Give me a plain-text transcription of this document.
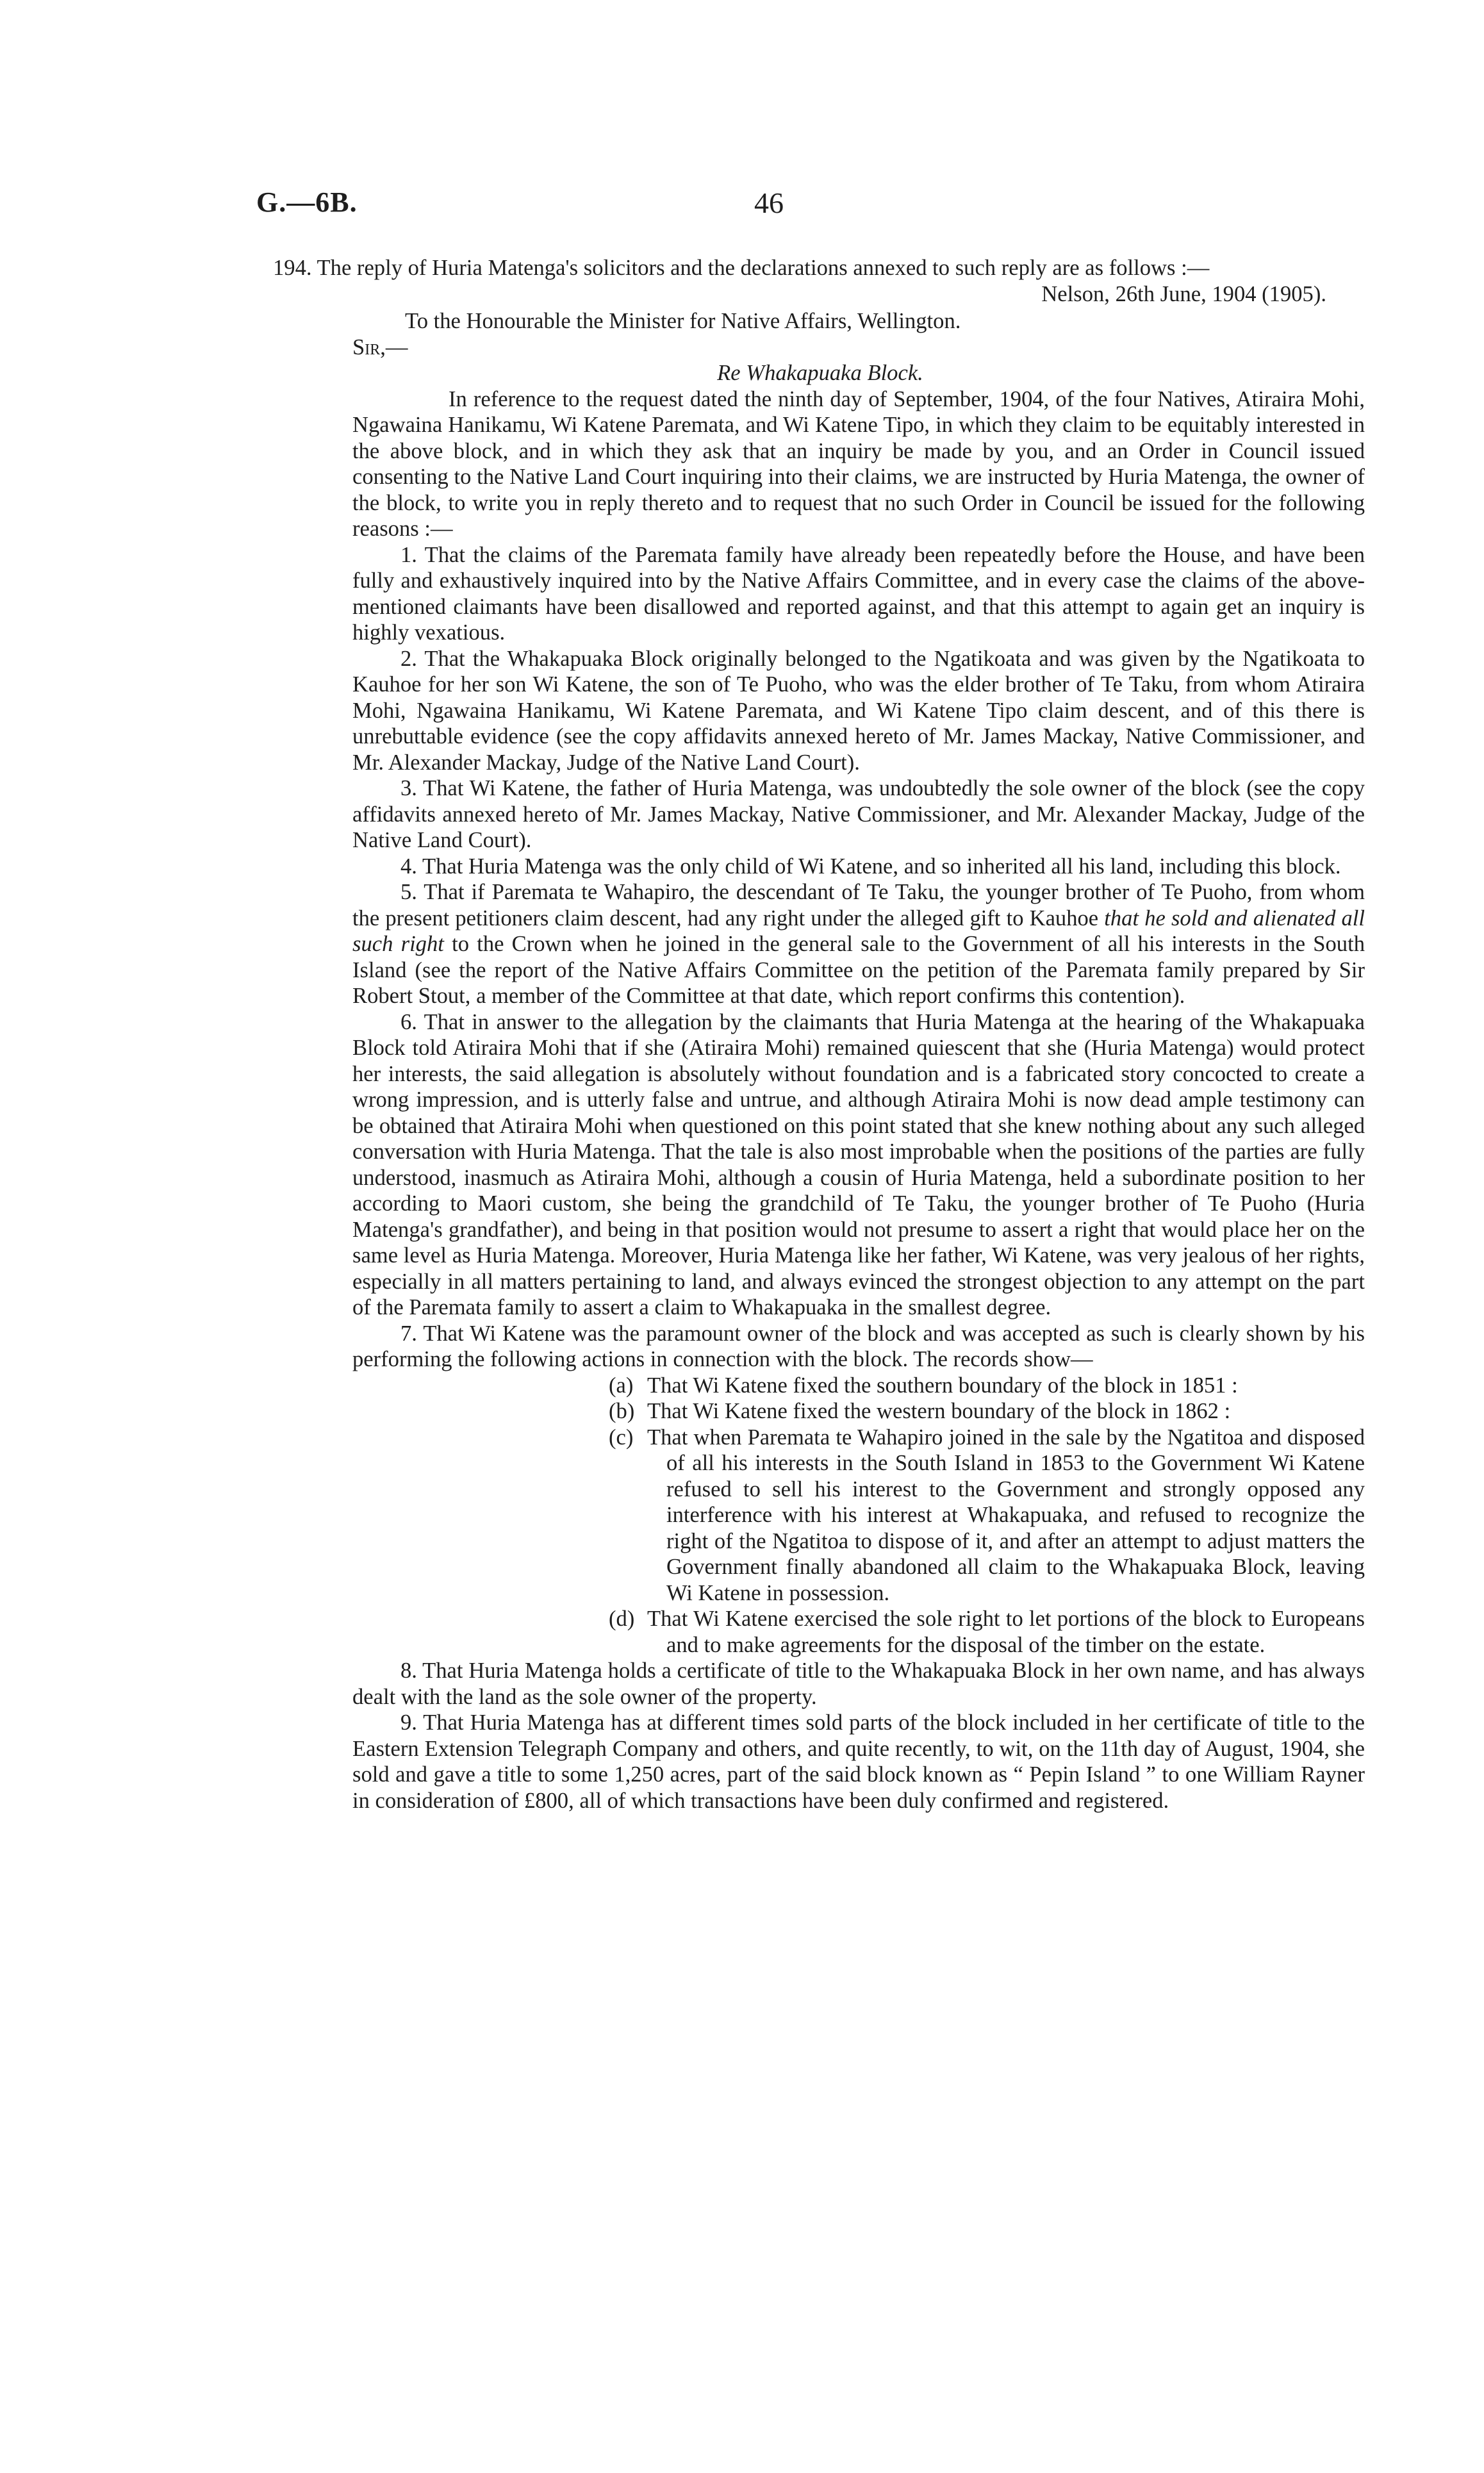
G.—6B.	46

194. The reply of Huria Matenga's solicitors and the declarations annexed to such reply are as follows :—

Nelson, 26th June, 1904 (1905).

To the Honourable the Minister for Native Affairs, Wellington.

Sir,—

Re Whakapuaka Block.

In reference to the request dated the ninth day of September, 1904, of the four Natives, Atiraira Mohi, Ngawaina Hanikamu, Wi Katene Parematа, and Wi Katene Tipo, in which they claim to be equitably interested in the above block, and in which they ask that an inquiry be made by you, and an Order in Council issued consenting to the Native Land Court inquiring into their claims, we are instructed by Huria Matenga, the owner of the block, to write you in reply thereto and to request that no such Order in Council be issued for the following reasons :—

1. That the claims of the Paremata family have already been repeatedly before the House, and have been fully and exhaustively inquired into by the Native Affairs Committee, and in every case the claims of the above-mentioned claimants have been disallowed and reported against, and that this attempt to again get an inquiry is highly vexatious.

2. That the Whakapuaka Block originally belonged to the Ngatikoata and was given by the Ngatikoata to Kauhoe for her son Wi Katene, the son of Te Puoho, who was the elder brother of Te Taku, from whom Atiraira Mohi, Ngawaina Hanikamu, Wi Katene Paremata, and Wi Katene Tipo claim descent, and of this there is unrebuttable evidence (see the copy affidavits annexed hereto of Mr. James Mackay, Native Commissioner, and Mr. Alexander Mackay, Judge of the Native Land Court).

3. That Wi Katene, the father of Huria Matenga, was undoubtedly the sole owner of the block (see the copy affidavits annexed hereto of Mr. James Mackay, Native Commissioner, and Mr. Alexander Mackay, Judge of the Native Land Court).

4. That Huria Matenga was the only child of Wi Katene, and so inherited all his land, including this block.

5. That if Paremata te Wahapiro, the descendant of Te Taku, the younger brother of Te Puoho, from whom the present petitioners claim descent, had any right under the alleged gift to Kauhoe that he sold and alienated all such right to the Crown when he joined in the general sale to the Government of all his interests in the South Island (see the report of the Native Affairs Committee on the petition of the Paremata family prepared by Sir Robert Stout, a member of the Committee at that date, which report confirms this contention).

6. That in answer to the allegation by the claimants that Huria Matenga at the hearing of the Whakapuaka Block told Atiraira Mohi that if she (Atiraira Mohi) remained quiescent that she (Huria Matenga) would protect her interests, the said allegation is absolutely without foundation and is a fabricated story concocted to create a wrong impression, and is utterly false and untrue, and although Atiraira Mohi is now dead ample testimony can be obtained that Atiraira Mohi when questioned on this point stated that she knew nothing about any such alleged conversation with Huria Matenga. That the tale is also most improbable when the positions of the parties are fully understood, inasmuch as Atiraira Mohi, although a cousin of Huria Matenga, held a subordinate position to her according to Maori custom, she being the grandchild of Te Taku, the younger brother of Te Puoho (Huria Matenga's grandfather), and being in that position would not presume to assert a right that would place her on the same level as Huria Matenga. Moreover, Huria Matenga like her father, Wi Katene, was very jealous of her rights, especially in all matters pertaining to land, and always evinced the strongest objection to any attempt on the part of the Paremata family to assert a claim to Whakapuaka in the smallest degree.

7. That Wi Katene was the paramount owner of the block and was accepted as such is clearly shown by his performing the following actions in connection with the block. The records show—

(a) That Wi Katene fixed the southern boundary of the block in 1851 :

(b) That Wi Katene fixed the western boundary of the block in 1862 :

(c) That when Paremata te Wahapiro joined in the sale by the Ngatitoa and disposed of all his interests in the South Island in 1853 to the Government Wi Katene refused to sell his interest to the Government and strongly opposed any interference with his interest at Whakapuaka, and refused to recognize the right of the Ngatitoa to dispose of it, and after an attempt to adjust matters the Government finally abandoned all claim to the Whakapuaka Block, leaving Wi Katene in possession.

(d) That Wi Katene exercised the sole right to let portions of the block to Europeans and to make agreements for the disposal of the timber on the estate.

8. That Huria Matenga holds a certificate of title to the Whakapuaka Block in her own name, and has always dealt with the land as the sole owner of the property.

9. That Huria Matenga has at different times sold parts of the block included in her certificate of title to the Eastern Extension Telegraph Company and others, and quite recently, to wit, on the 11th day of August, 1904, she sold and gave a title to some 1,250 acres, part of the said block known as “ Pepin Island ” to one William Rayner in consideration of £800, all of which transactions have been duly confirmed and registered.
